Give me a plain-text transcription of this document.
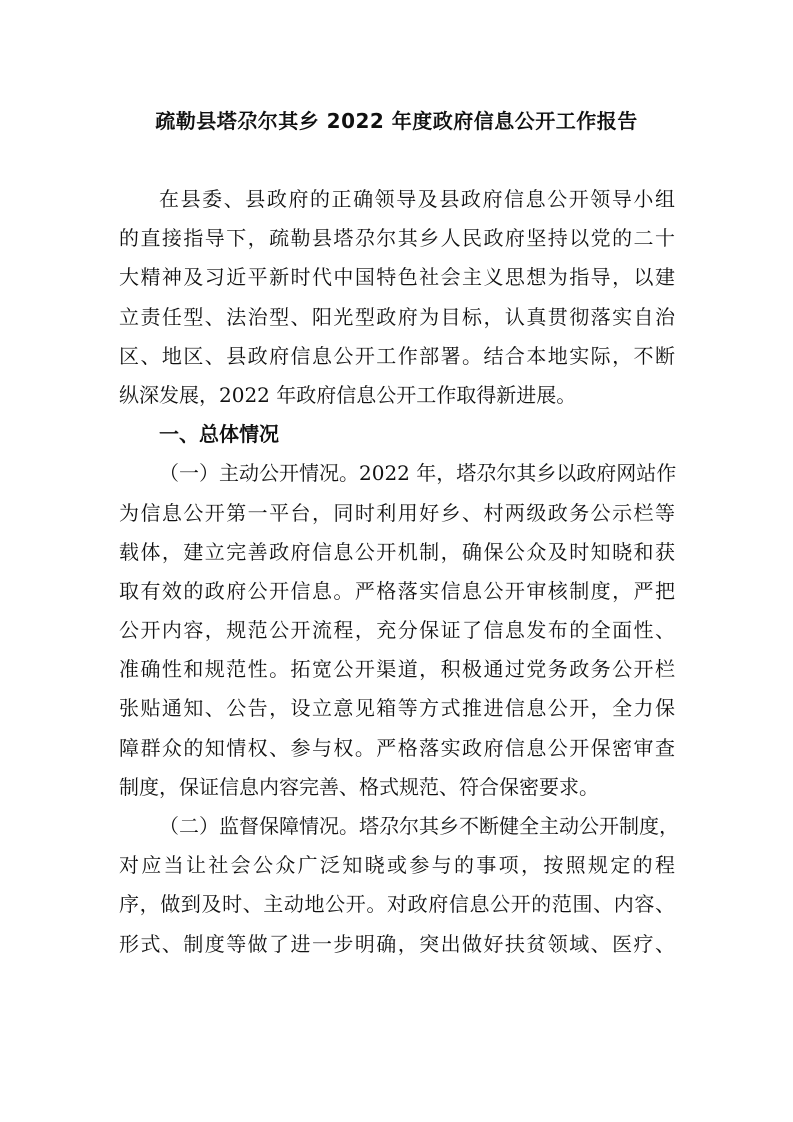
疏勒县塔尕尔其乡 2022 年度政府信息公开工作报告
在县委、县政府的正确领导及县政府信息公开领导小组
的直接指导下，疏勒县塔尕尔其乡人民政府坚持以党的二十
大精神及习近平新时代中国特色社会主义思想为指导，以建
立责任型、法治型、阳光型政府为目标，认真贯彻落实自治
区、地区、县政府信息公开工作部署。结合本地实际，不断
纵深发展，2022 年政府信息公开工作取得新进展。
一、总体情况
（一）主动公开情况。2022 年，塔尕尔其乡以政府网站作
为信息公开第一平台，同时利用好乡、村两级政务公示栏等
载体，建立完善政府信息公开机制，确保公众及时知晓和获
取有效的政府公开信息。严格落实信息公开审核制度，严把
公开内容，规范公开流程，充分保证了信息发布的全面性、
准确性和规范性。拓宽公开渠道，积极通过党务政务公开栏
张贴通知、公告，设立意见箱等方式推进信息公开，全力保
障群众的知情权、参与权。严格落实政府信息公开保密审查
制度，保证信息内容完善、格式规范、符合保密要求。
（二）监督保障情况。塔尕尔其乡不断健全主动公开制度，
对应当让社会公众广泛知晓或参与的事项，按照规定的程
序，做到及时、主动地公开。对政府信息公开的范围、内容、
形式、制度等做了进一步明确，突出做好扶贫领域、医疗、
